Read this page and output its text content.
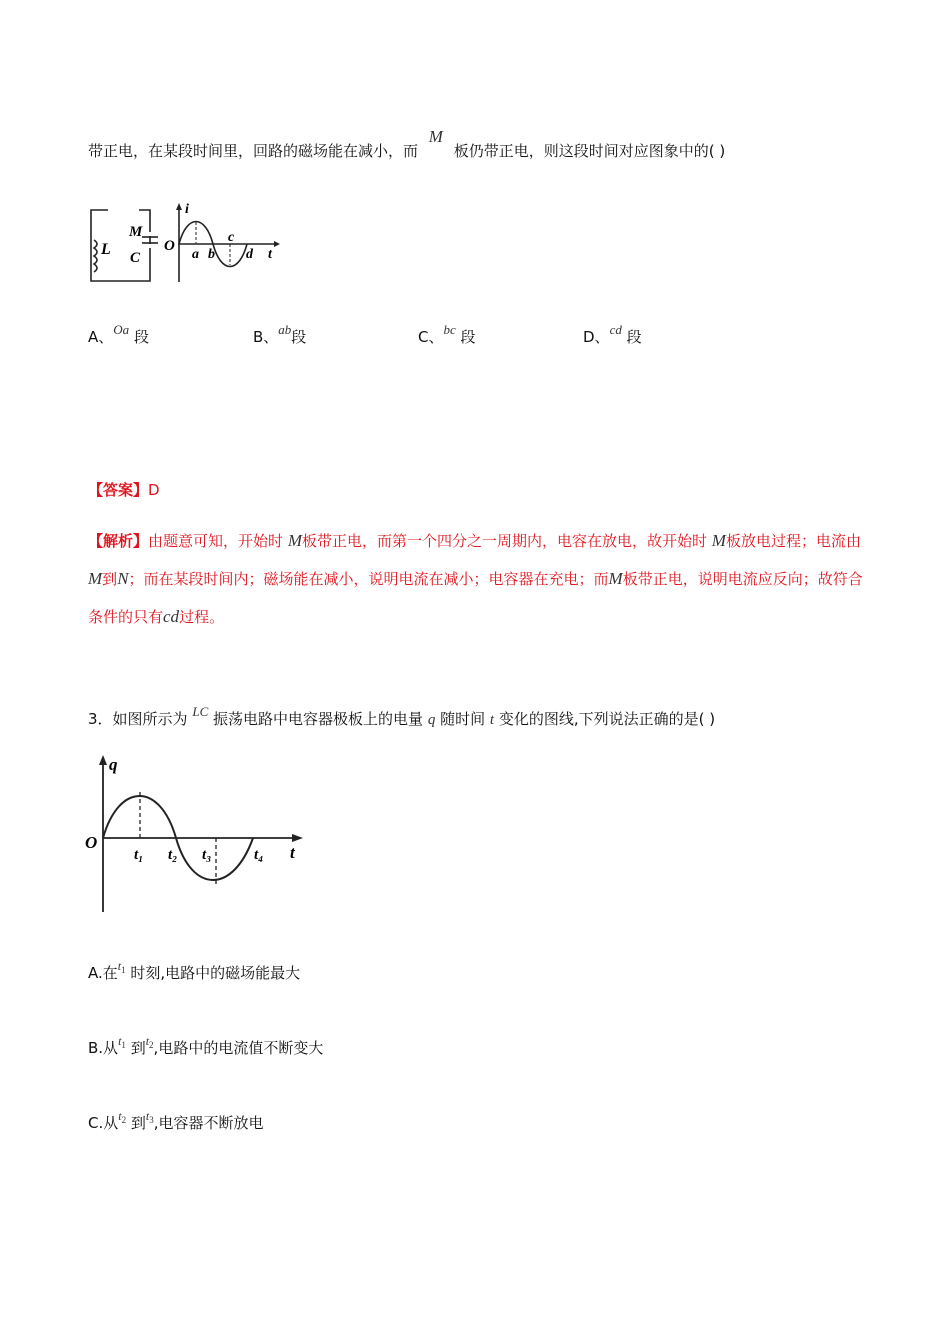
带正电，在某段时间里，回路的磁场能在减小，而 M 板仍带正电，则这段时间对应图象中的( )
L
M
C
O
i
a b
c
d t
A、Oa 段	B、ab段	C、bc 段	D、cd 段
【答案】D
【解析】由题意可知，开始时 M板带正电，而第一个四分之一周期内，电容在放电，故开始时 M板放电过程；电流由M到N；而在某段时间内；磁场能在减小，说明电流在减小；电容器在充电；而M板带正电，说明电流应反向；故符合条件的只有cd过程。
3．如图所示为 LC 振荡电路中电容器极板上的电量 q 随时间 t 变化的图线,下列说法正确的是( )
q
O
t
t₁ t₂ t₃	t₄
A.在$^{t1}$ 时刻,电路中的磁场能最大
B.从$^{t1}$ 到$^{t2}$,电路中的电流值不断变大
C.从$^{t2}$ 到$^{t3}$,电容器不断放电
